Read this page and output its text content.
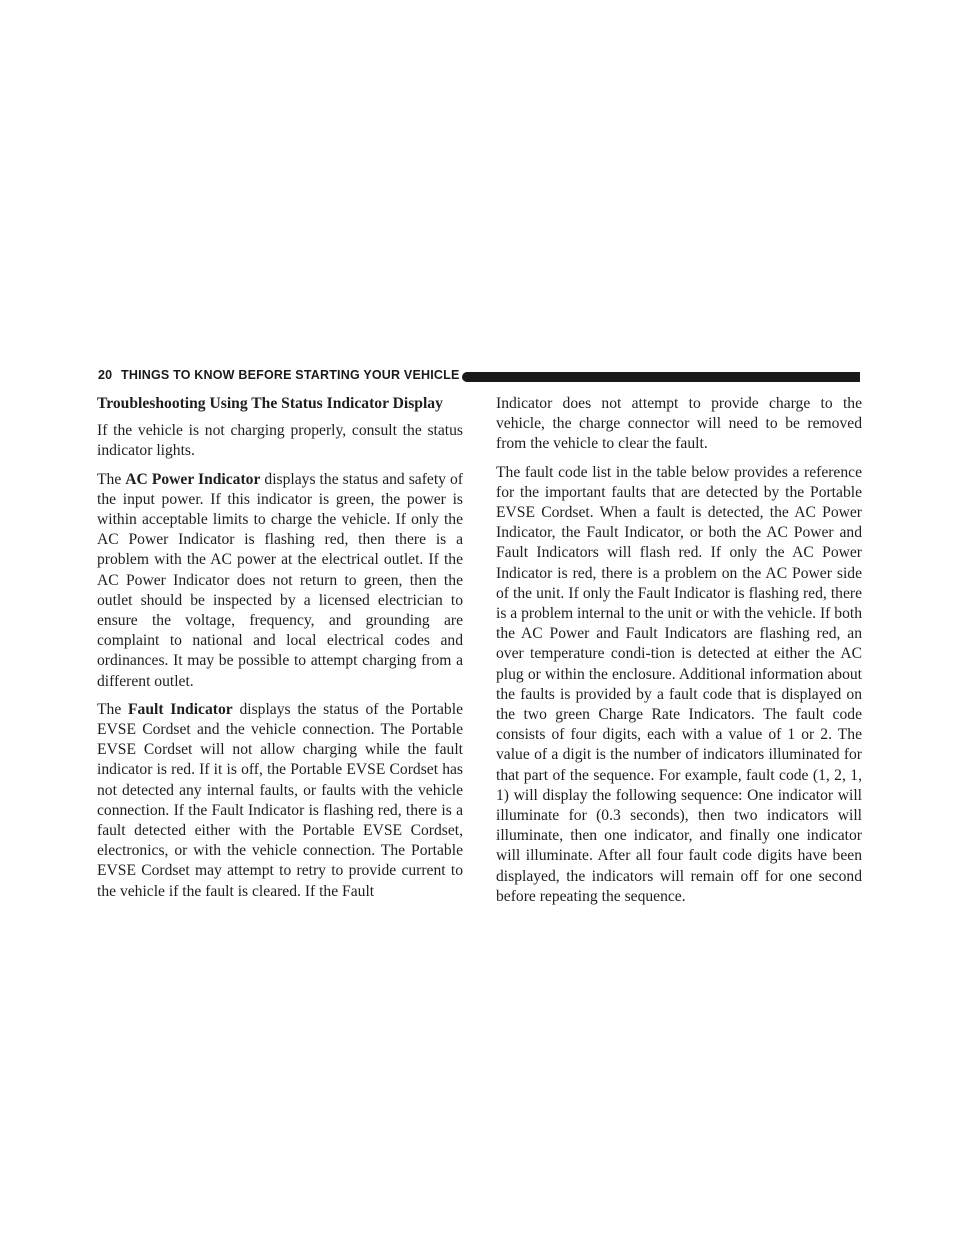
20 THINGS TO KNOW BEFORE STARTING YOUR VEHICLE
Troubleshooting Using The Status Indicator Display

If the vehicle is not charging properly, consult the status indicator lights.

The AC Power Indicator displays the status and safety of the input power. If this indicator is green, the power is within acceptable limits to charge the vehicle. If only the AC Power Indicator is flashing red, then there is a problem with the AC power at the electrical outlet. If the AC Power Indicator does not return to green, then the outlet should be inspected by a licensed electrician to ensure the voltage, frequency, and grounding are complaint to national and local electrical codes and ordinances. It may be possible to attempt charging from a different outlet.

The Fault Indicator displays the status of the Portable EVSE Cordset and the vehicle connection. The Portable EVSE Cordset will not allow charging while the fault indicator is red. If it is off, the Portable EVSE Cordset has not detected any internal faults, or faults with the vehicle connection. If the Fault Indicator is flashing red, there is a fault detected either with the Portable EVSE Cordset, electronics, or with the vehicle connection. The Portable EVSE Cordset may attempt to retry to provide current to the vehicle if the fault is cleared. If the Fault

Indicator does not attempt to provide charge to the vehicle, the charge connector will need to be removed from the vehicle to clear the fault.

The fault code list in the table below provides a reference for the important faults that are detected by the Portable EVSE Cordset. When a fault is detected, the AC Power Indicator, the Fault Indicator, or both the AC Power and Fault Indicators will flash red. If only the AC Power Indicator is red, there is a problem on the AC Power side of the unit. If only the Fault Indicator is flashing red, there is a problem internal to the unit or with the vehicle. If both the AC Power and Fault Indicators are flashing red, an over temperature condi-tion is detected at either the AC plug or within the enclosure. Additional information about the faults is provided by a fault code that is displayed on the two green Charge Rate Indicators. The fault code consists of four digits, each with a value of 1 or 2. The value of a digit is the number of indicators illuminated for that part of the sequence. For example, fault code (1, 2, 1, 1) will display the following sequence: One indicator will illuminate for (0.3 seconds), then two indicators will illuminate, then one indicator, and finally one indicator will illuminate. After all four fault code digits have been displayed, the indicators will remain off for one second before repeating the sequence.
